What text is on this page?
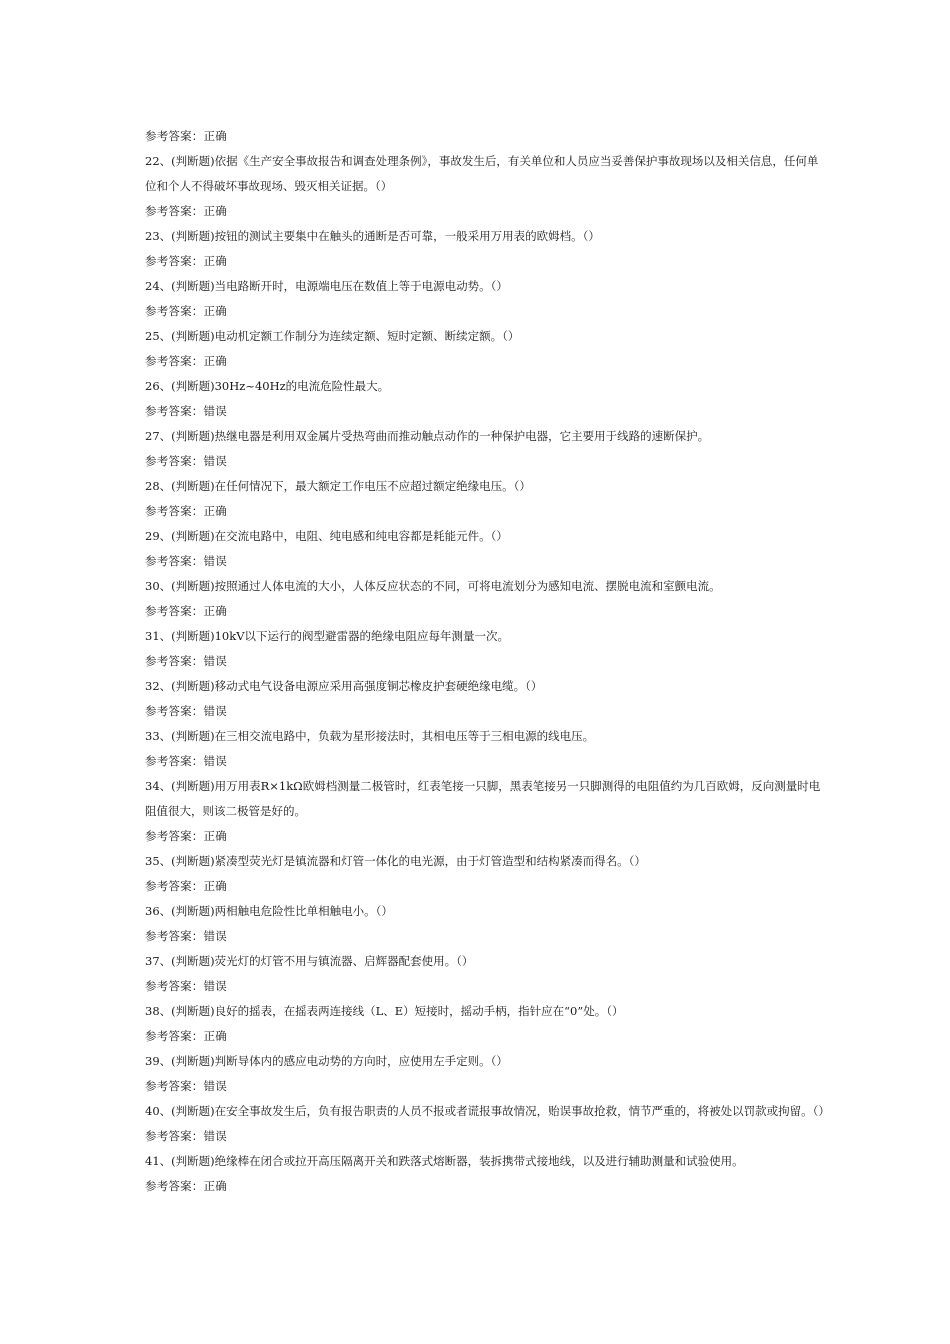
参考答案：正确

22、(判断题)依据《生产安全事故报告和调查处理条例》，事故发生后，有关单位和人员应当妥善保护事故现场以及相关信息，任何单位和个人不得破坏事故现场、毁灭相关证据。（）

参考答案：正确

23、(判断题)按钮的测试主要集中在触头的通断是否可靠，一般采用万用表的欧姆档。（）

参考答案：正确

24、(判断题)当电路断开时，电源端电压在数值上等于电源电动势。（）

参考答案：正确

25、(判断题)电动机定额工作制分为连续定额、短时定额、断续定额。（）

参考答案：正确

26、(判断题)30Hz~40Hz的电流危险性最大。

参考答案：错误

27、(判断题)热继电器是利用双金属片受热弯曲而推动触点动作的一种保护电器，它主要用于线路的速断保护。

参考答案：错误

28、(判断题)在任何情况下，最大额定工作电压不应超过额定绝缘电压。（）

参考答案：正确

29、(判断题)在交流电路中，电阻、纯电感和纯电容都是耗能元件。（）

参考答案：错误

30、(判断题)按照通过人体电流的大小，人体反应状态的不同，可将电流划分为感知电流、摆脱电流和室颤电流。

参考答案：正确

31、(判断题)10kV以下运行的阀型避雷器的绝缘电阻应每年测量一次。

参考答案：错误

32、(判断题)移动式电气设备电源应采用高强度铜芯橡皮护套硬绝缘电缆。（）

参考答案：错误

33、(判断题)在三相交流电路中，负载为星形接法时，其相电压等于三相电源的线电压。

参考答案：错误

34、(判断题)用万用表R×1kΩ欧姆档测量二极管时，红表笔接一只脚，黑表笔接另一只脚测得的电阻值约为几百欧姆，反向测量时电阻值很大，则该二极管是好的。

参考答案：正确

35、(判断题)紧凑型荧光灯是镇流器和灯管一体化的电光源，由于灯管造型和结构紧凑而得名。（）

参考答案：正确

36、(判断题)两相触电危险性比单相触电小。（）

参考答案：错误

37、(判断题)荧光灯的灯管不用与镇流器、启辉器配套使用。（）

参考答案：错误

38、(判断题)良好的摇表，在摇表两连接线（L、E）短接时，摇动手柄，指针应在“0”处。（）

参考答案：正确

39、(判断题)判断导体内的感应电动势的方向时，应使用左手定则。（）

参考答案：错误

40、(判断题)在安全事故发生后，负有报告职责的人员不报或者谎报事故情况，贻误事故抢救，情节严重的，将被处以罚款或拘留。（）

参考答案：错误

41、(判断题)绝缘棒在闭合或拉开高压隔离开关和跌落式熔断器，装拆携带式接地线，以及进行辅助测量和试验使用。

参考答案：正确
